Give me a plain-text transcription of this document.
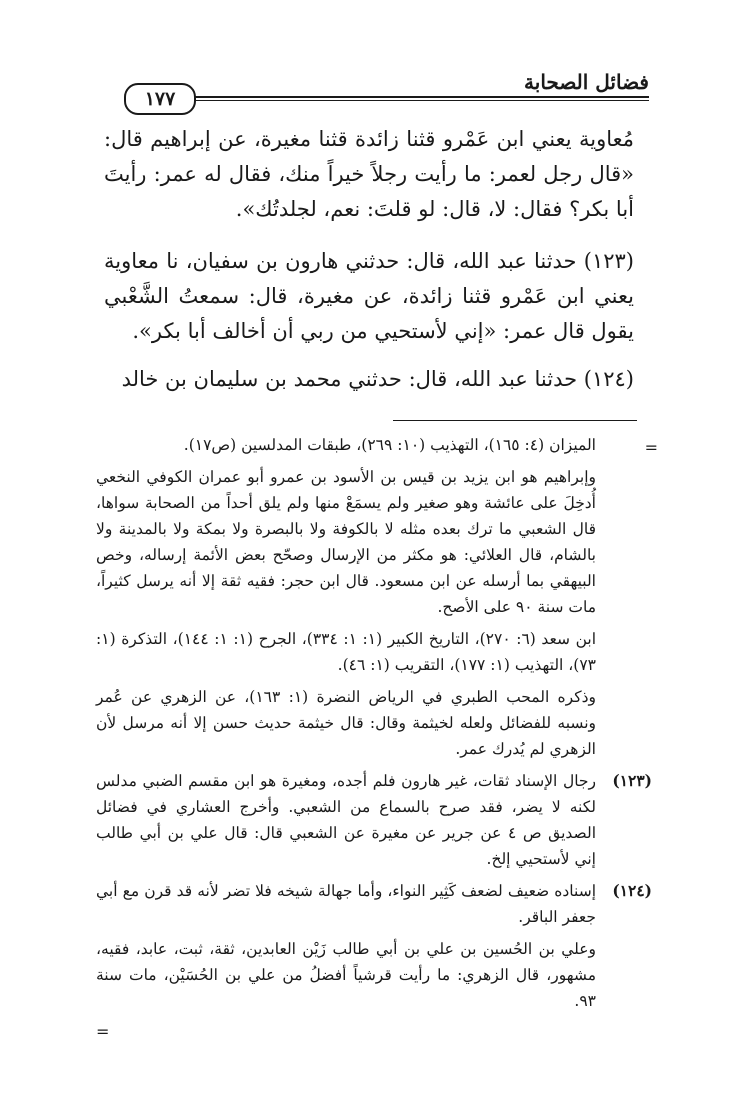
فضائل الصحابة
١٧٧

مُعاوية يعني ابن عَمْرو قثنا زائدة قثنا مغيرة، عن إبراهيم قال: «قال رجل لعمر: ما رأيت رجلاً خيراً منك، فقال له عمر: رأيتَ أبا بكر؟ فقال: لا، قال: لو قلتَ: نعم، لجلدتُك».

(١٢٣) حدثنا عبد الله، قال: حدثني هارون بن سفيان، نا معاوية يعني ابن عَمْرو قثنا زائدة، عن مغيرة، قال: سمعتُ الشَّعْبي يقول قال عمر: «إني لأستحيي من ربي أن أخالف أبا بكر».

(١٢٤) حدثنا عبد الله، قال: حدثني محمد بن سليمان بن خالد

=

الميزان (٤: ١٦٥)، التهذيب (١٠: ٢٦٩)، طبقات المدلسين (ص١٧).

وإبراهيم هو ابن يزيد بن قيس بن الأسود بن عمرو أبو عمران الكوفي النخعي أُدخِلَ على عائشة وهو صغير ولم يسمَعْ منها ولم يلق أحداً من الصحابة سواها، قال الشعبي ما ترك بعده مثله لا بالكوفة ولا بالبصرة ولا بمكة ولا بالمدينة ولا بالشام، قال العلائي: هو مكثر من الإرسال وصحّح بعض الأئمة إرساله، وخص البيهقي بما أرسله عن ابن مسعود. قال ابن حجر: فقيه ثقة إلا أنه يرسل كثيراً، مات سنة ٩٠ على الأصح.

ابن سعد (٦: ٢٧٠)، التاريخ الكبير (١: ١: ٣٣٤)، الجرح (١: ١: ١٤٤)، التذكرة (١: ٧٣)، التهذيب (١: ١٧٧)، التقريب (١: ٤٦).

وذكره المحب الطبري في الرياض النضرة (١: ١٦٣)، عن الزهري عن عُمر ونسبه للفضائل ولعله لخيثمة وقال: قال خيثمة حديث حسن إلا أنه مرسل لأن الزهري لم يُدرك عمر.

(١٢٣)
رجال الإسناد ثقات، غير هارون فلم أجده، ومغيرة هو ابن مقسم الضبي مدلس لكنه لا يضر، فقد صرح بالسماع من الشعبي. وأخرج العشاري في فضائل الصديق ص ٤ عن جرير عن مغيرة عن الشعبي قال: قال علي بن أبي طالب إني لأستحيي إلخ.

(١٢٤)
إسناده ضعيف لضعف كَثِير النواء، وأما جهالة شيخه فلا تضر لأنه قد قرن مع أبي جعفر الباقر.

وعلي بن الحُسين بن علي بن أبي طالب زَيْن العابدين، ثقة، ثبت، عابد، فقيه، مشهور، قال الزهري: ما رأيت قرشياً أفضلُ من علي بن الحُسَيْن، مات سنة ٩٣.

=
